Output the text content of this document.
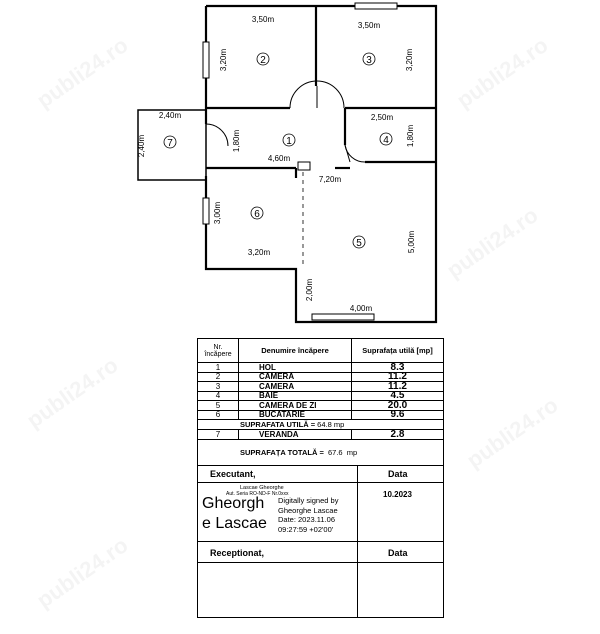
1
2	3
4
5
6
7
3,50m
3,50m
3,20m	3,20m
2,40m
2,40m
2,50m
1,80m
1,80m
4,60m
7,20m
3,00m
3,20m	5,00m
2,00m
4,00m
Nr.
încăpere	Denumire încăpere	Suprafața utilă [mp]
1	HOL	8.3
2	CAMERA	11.2
3	CAMERA	11.2
4	BAIE	4.5
5	CAMERA DE ZI	20.0
6	BUCATARIE	9.6
SUPRAFATA UTILĂ =
64.8
mp
7	VERANDA	2.8
SUPRAFAȚA TOTALĂ =
67.6
mp
Executant,	Data
Lascae Gheorghe
Aut. Seria RO-ND-F Nr.0xxx
Gheorgh
e Lascae
Digitally signed by
Gheorghe Lascae
Date: 2023.11.06
09:27:59 +02'00'
10.2023
Receptionat,	Data
publi24.ro	publi24.ro
publi24.ro
publi24.ro	publi24.ro
publi24.ro
